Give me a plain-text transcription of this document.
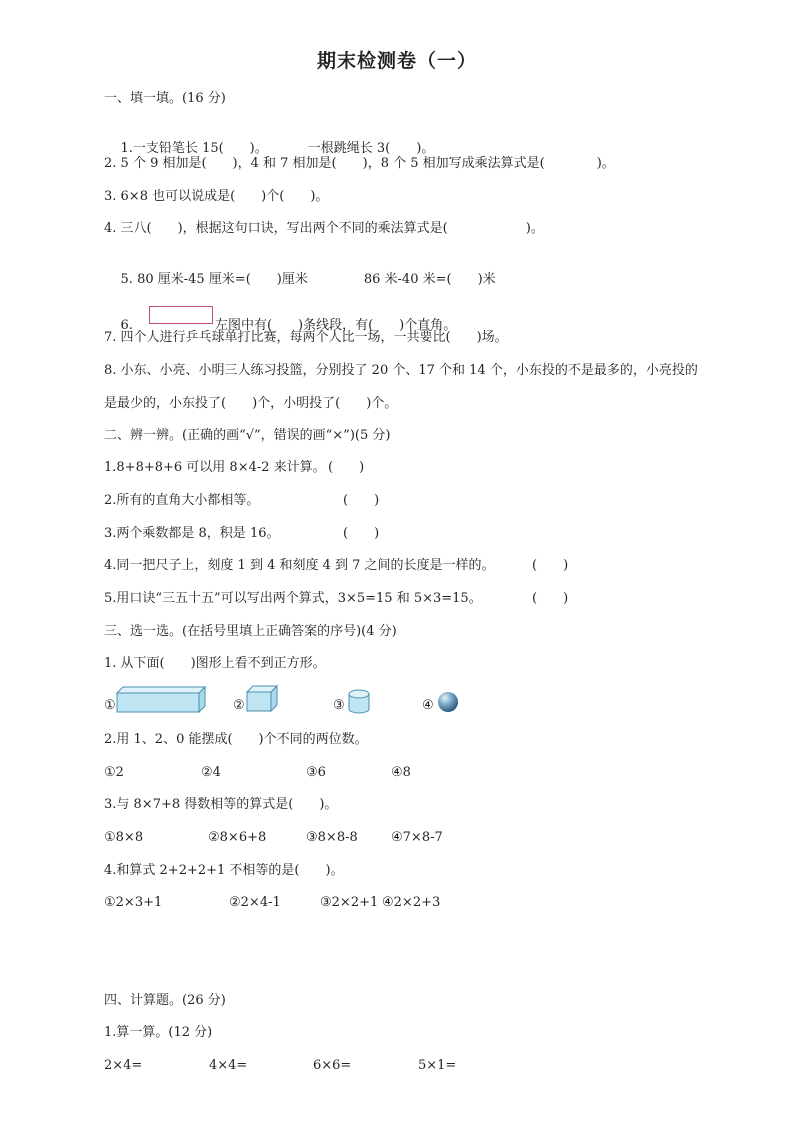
期末检测卷（一）
一、填一填。(16 分)

1.一支铅笔长 15(　　)。	一根跳绳长 3(　　)。

2. 5 个 9 相加是(　　)，4 和 7 相加是(　　)，8 个 5 相加写成乘法算式是(　　　　)。
3. 6×8 也可以说成是(　　)个(　　)。
4. 三八(　　)，根据这句口诀，写出两个不同的乘法算式是(　　　　　　)。

5. 80 厘米-45 厘米=(　　)厘米	86 米-40 米=(　　)米

6.	左图中有(　　)条线段，有(　　)个直角。

7. 四个人进行乒乓球单打比赛，每两个人比一场，一共要比(　　)场。
8. 小东、小亮、小明三人练习投篮，分别投了 20 个、17 个和 14 个，小东投的不是最多的，小亮投的
是最少的，小东投了(　　)个，小明投了(　　)个。
二、辨一辨。(正确的画“√”，错误的画“×”)(5 分)
1.8+8+8+6 可以用 8×4-2 来计算。 (　　)
2.所有的直角大小都相等。	(　　)
3.两个乘数都是 8，积是 16。	(　　)
4.同一把尺子上，刻度 1 到 4 和刻度 4 到 7 之间的长度是一样的。	(　　)
5.用口诀“三五十五”可以写出两个算式，3×5=15 和 5×3=15。	(　　)
三、选一选。(在括号里填上正确答案的序号)(4 分)
1. 从下面(　　)图形上看不到正方形。
①	②	③	④
2.用 1、2、0 能摆成(　　)个不同的两位数。
①2	②4	③6	④8
3.与 8×7+8 得数相等的算式是(　　)。
①8×8	②8×6+8	③8×8-8	④7×8-7
4.和算式 2+2+2+1 不相等的是(　　)。
①2×3+1	②2×4-1	③2×2+1 ④2×2+3
四、计算题。(26 分)
1.算一算。(12 分)
2×4=	4×4=	6×6=	5×1=
